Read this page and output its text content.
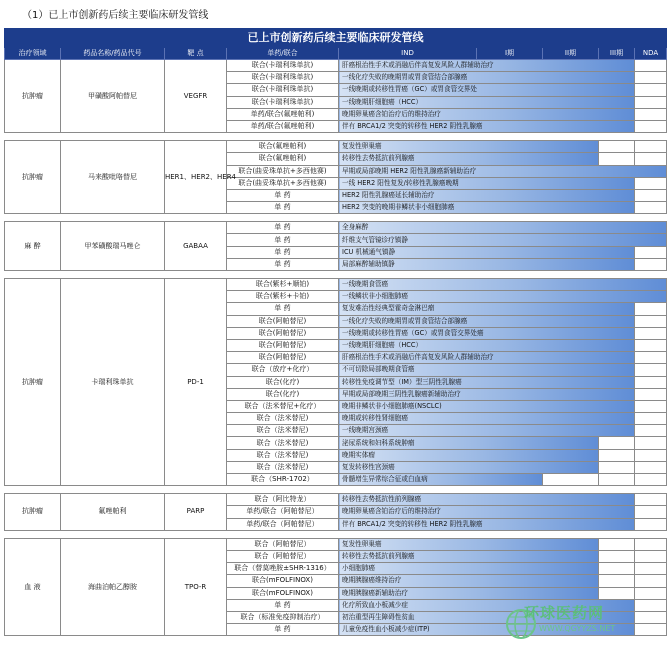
（1）已上市创新药后续主要临床研发管线
已上市创新药后续主要临床研发管线								
治疗领域	药品名称/药品代号	靶 点	单药/联合	IND	I期	II期	III期	NDA
抗肿瘤	甲磺酸阿帕替尼	VEGFR	联合(卡瑞利珠单抗)	肝癌根治性手术或消融后伴高复发风险人群辅助治疗				
			联合(卡瑞利珠单抗)	一线化疗失败的晚期胃或胃食管结合部腺癌				
			联合(卡瑞利珠单抗)	一线晚期或转移性胃癌（GC）或胃食管交界处				
			联合(卡瑞利珠单抗)	一线晚期肝细胞癌（HCC）				
			单药/联合(氟唑帕利)	晚期卵巢癌含铂治疗后的维持治疗				
			单药/联合(氟唑帕利)	伴有 BRCA1/2 突变的转移性 HER2 阴性乳腺癌				

抗肿瘤	马来酸吡咯替尼	HER1、HER2、HER4	联合(氟唑帕利)	复发性卵巢癌				
			联合(氟唑帕利)	转移性去势抵抗前列腺癌				
			联合(曲妥珠单抗+多西他赛)	早期或局部晚期 HER2 阳性乳腺癌新辅助治疗				
			联合(曲妥珠单抗+多西他赛)	一线 HER2 阳性复发/转移性乳腺癌晚期				
			单 药	HER2 阳性乳腺癌延长辅助治疗				
			单 药	HER2 突变的晚期非鳞状非小细胞肺癌				

麻 醉	甲苯磺酸瑞马唑仑	GABAA	单 药	全身麻醉				
			单 药	纤维支气管镜诊疗镇静				
			单 药	ICU 机械通气镇静				
			单 药	局部麻醉辅助镇静				

抗肿瘤	卡瑞利珠单抗	PD-1	联合(紫杉+顺铂)	一线晚期食管癌				
			联合(紫杉+卡铂)	一线鳞状非小细胞肺癌				
			单 药	复发难治性经典型霍奇金淋巴瘤				
			联合(阿帕替尼)	一线化疗失败的晚期胃或胃食管结合部腺癌				
			联合(阿帕替尼)	一线晚期或转移性胃癌（GC）或胃食管交界处癌				
			联合(阿帕替尼)	一线晚期肝细胞癌（HCC）				
			联合(阿帕替尼)	肝癌根治性手术或消融后伴高复发风险人群辅助治疗				
			联合（放疗+化疗）	不可切除局部晚期食管癌				
			联合(化疗)	转移性免疫调节型（IM）型三阴性乳腺癌				
			联合(化疗)	早期或局部晚期三阴性乳腺癌新辅助治疗				
			联合（法米替尼+化疗）	晚期非鳞状非小细胞肺癌(NSCLC)				
			联合（法米替尼)	晚期或转移性肾细胞癌				
			联合（法米替尼)	一线晚期宫颈癌				
			联合（法米替尼)	泌尿系统和妇科系统肿瘤				
			联合（法米替尼)	晚期实体瘤				
			联合（法米替尼)	复发转移性宫颈癌				
			联合（SHR-1702）	骨髓增生异常综合征或白血病				

抗肿瘤	氟唑帕利	PARP	联合（阿比特龙）	转移性去势抵抗性前列腺癌				
			单药/联合（阿帕替尼）	晚期卵巢癌含铂治疗后的维持治疗				
			单药/联合（阿帕替尼）	伴有 BRCA1/2 突变的转移性 HER2 阴性乳腺癌				

血 液	海曲泊帕乙醇胺	TPO-R	联合（阿帕替尼）	复发性卵巢癌				
			联合（阿帕替尼）	转移性去势抵抗前列腺癌				
			联合（替莫唑胺±SHR-1316）	小细胞肺癌				
			联合(mFOLFINOX)	晚期胰腺癌维持治疗				
			联合(mFOLFINOX)	晚期胰腺癌新辅助治疗				
			单 药	化疗所致血小板减少症				
			联合（标准免疫抑制治疗）	初治重型再生障碍性贫血				
			单 药	儿童免疫性血小板减少症(ITP)				
环球医药网
WWW.QGYYZS.NET
